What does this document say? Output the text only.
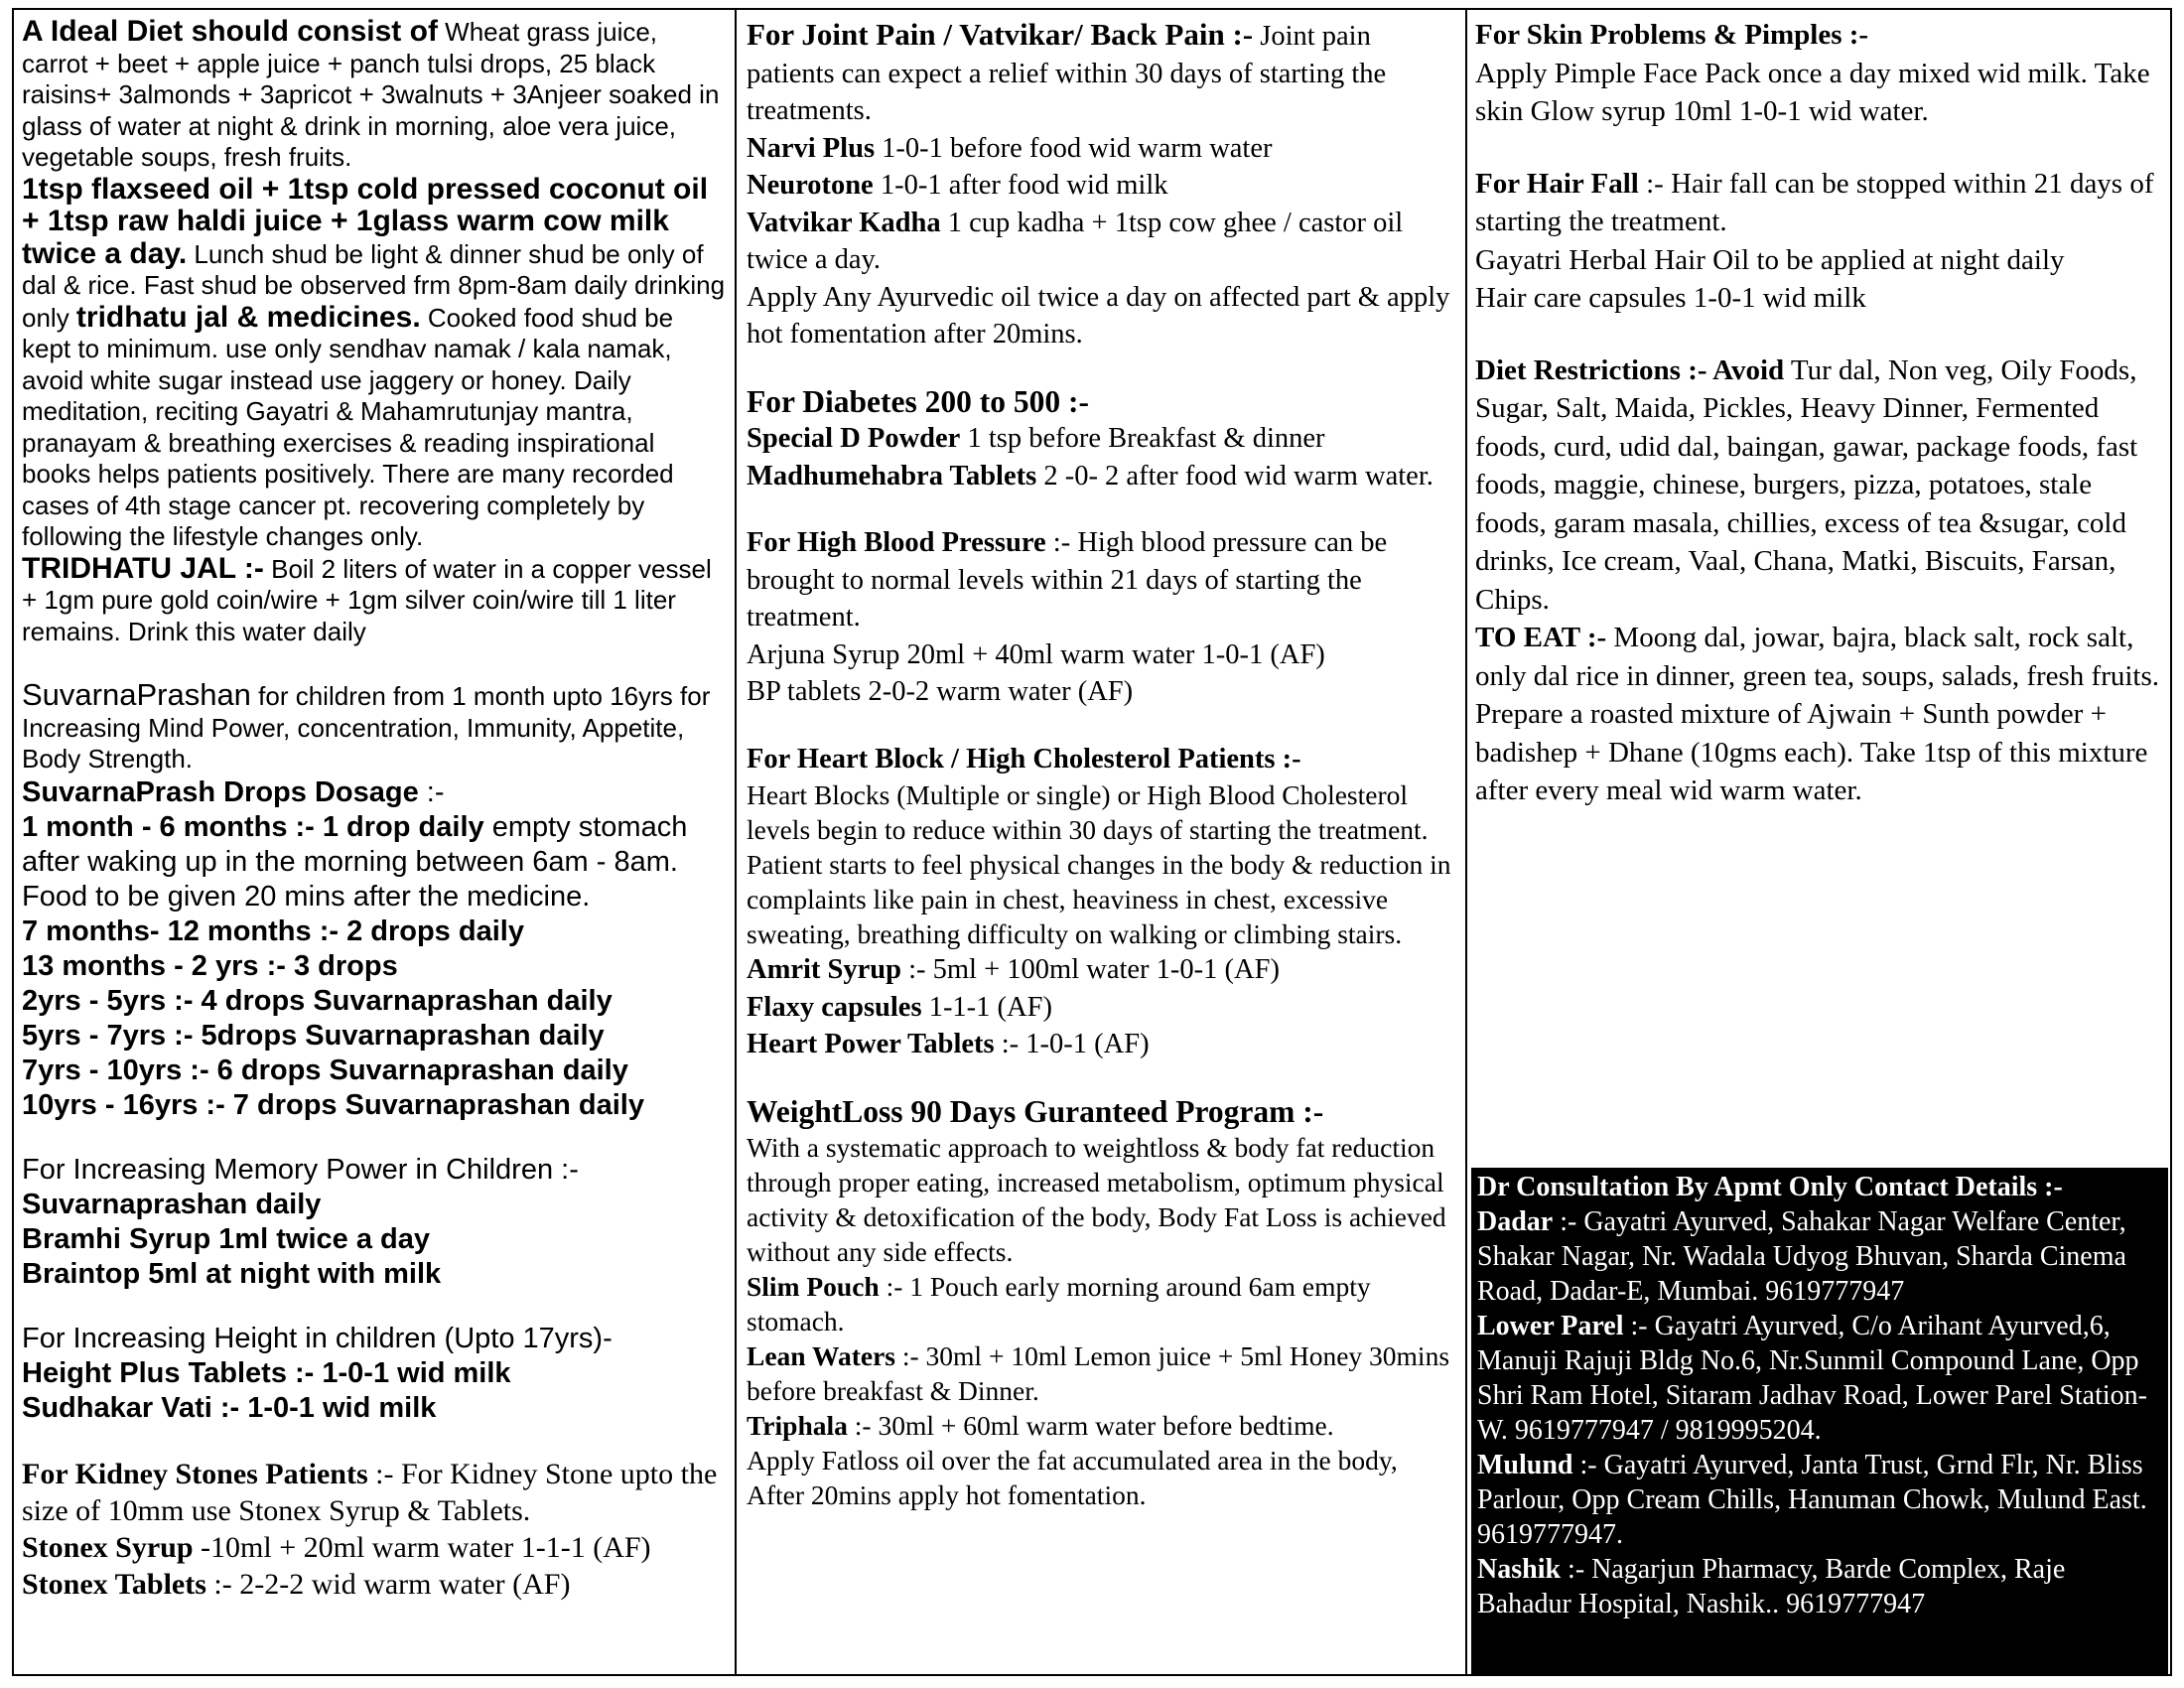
A Ideal Diet should consist of Wheat grass juice, carrot + beet + apple juice + panch tulsi drops, 25 black raisins+ 3almonds + 3apricot + 3walnuts + 3Anjeer soaked in glass of water at night & drink in morning, aloe vera juice, vegetable soups, fresh fruits.

1tsp flaxseed oil + 1tsp cold pressed coconut oil + 1tsp raw haldi juice + 1glass warm cow milk twice a day. Lunch shud be light & dinner shud be only of dal & rice. Fast shud be observed frm 8pm-8am daily drinking only tridhatu jal & medicines. Cooked food shud be kept to minimum. use only sendhav namak / kala namak, avoid white sugar instead use jaggery or honey. Daily meditation, reciting Gayatri & Mahamrutunjay mantra, pranayam & breathing exercises & reading inspirational books helps patients positively. There are many recorded cases of 4th stage cancer pt. recovering completely by following the lifestyle changes only.

TRIDHATU JAL :- Boil 2 liters of water in a copper vessel + 1gm pure gold coin/wire + 1gm silver coin/wire till 1 liter remains. Drink this water daily

SuvarnaPrashan for children from 1 month upto 16yrs for Increasing Mind Power, concentration, Immunity, Appetite, Body Strength.

SuvarnaPrash Drops Dosage :-

1 month - 6 months :- 1 drop daily empty stomach after waking up in the morning between 6am - 8am. Food to be given 20 mins after the medicine.

7 months- 12 months :- 2 drops daily

13 months - 2 yrs :- 3 drops

2yrs - 5yrs :- 4 drops Suvarnaprashan daily

5yrs - 7yrs :- 5drops Suvarnaprashan daily

7yrs - 10yrs :- 6 drops Suvarnaprashan daily

10yrs - 16yrs :- 7 drops Suvarnaprashan daily

For Increasing Memory Power in Children :-

Suvarnaprashan daily

Bramhi Syrup 1ml twice a day

Braintop 5ml at night with milk

For Increasing Height in children (Upto 17yrs)-

Height Plus Tablets :- 1-0-1 wid milk

Sudhakar Vati :- 1-0-1 wid milk

For Kidney Stones Patients :- For Kidney Stone upto the size of 10mm use Stonex Syrup & Tablets.

Stonex Syrup -10ml + 20ml warm water 1-1-1 (AF)

Stonex Tablets :- 2-2-2 wid warm water (AF)

For Joint Pain / Vatvikar/ Back Pain :- Joint pain patients can expect a relief within 30 days of starting the treatments.

Narvi Plus 1-0-1 before food wid warm water

Neurotone 1-0-1 after food wid milk

Vatvikar Kadha 1 cup kadha + 1tsp cow ghee / castor oil twice a day.

Apply Any Ayurvedic oil twice a day on affected part & apply hot fomentation after 20mins.

For Diabetes 200 to 500 :-

Special D Powder 1 tsp before Breakfast & dinner

Madhumehabra Tablets 2 -0- 2 after food wid warm water.

For High Blood Pressure :- High blood pressure can be brought to normal levels within 21 days of starting the treatment.

Arjuna Syrup 20ml + 40ml warm water 1-0-1 (AF)

BP tablets 2-0-2 warm water (AF)

For Heart Block / High Cholesterol Patients :-

Heart Blocks (Multiple or single) or High Blood Cholesterol levels begin to reduce within 30 days of starting the treatment. Patient starts to feel physical changes in the body & reduction in complaints like pain in chest, heaviness in chest, excessive sweating, breathing difficulty on walking or climbing stairs.

Amrit Syrup :- 5ml + 100ml water 1-0-1 (AF)

Flaxy capsules 1-1-1 (AF)

Heart Power Tablets :- 1-0-1 (AF)

WeightLoss 90 Days Guranteed Program :-

With a systematic approach to weightloss & body fat reduction through proper eating, increased metabolism, optimum physical activity & detoxification of the body, Body Fat Loss is achieved without any side effects.

Slim Pouch :- 1 Pouch early morning around 6am empty stomach.

Lean Waters :- 30ml + 10ml Lemon juice + 5ml Honey 30mins before breakfast & Dinner.

Triphala :- 30ml + 60ml warm water before bedtime.

Apply Fatloss oil over the fat accumulated area in the body, After 20mins apply hot fomentation.

For Skin Problems & Pimples :-

Apply Pimple Face Pack once a day mixed wid milk. Take skin Glow syrup 10ml 1-0-1 wid water.

For Hair Fall :- Hair fall can be stopped within 21 days of starting the treatment.

Gayatri Herbal Hair Oil to be applied at night daily

Hair care capsules 1-0-1 wid milk

Diet Restrictions :- Avoid Tur dal, Non veg, Oily Foods, Sugar, Salt, Maida, Pickles, Heavy Dinner, Fermented foods, curd, udid dal, baingan, gawar, package foods, fast foods, maggie, chinese, burgers, pizza, potatoes, stale foods, garam masala, chillies, excess of tea &sugar, cold drinks, Ice cream, Vaal, Chana, Matki, Biscuits, Farsan, Chips.

TO EAT :- Moong dal, jowar, bajra, black salt, rock salt, only dal rice in dinner, green tea, soups, salads, fresh fruits.

Prepare a roasted mixture of Ajwain + Sunth powder + badishep + Dhane (10gms each). Take 1tsp of this mixture after every meal wid warm water.

Dr Consultation By Apmt Only Contact Details :-

Dadar :- Gayatri Ayurved, Sahakar Nagar Welfare Center, Shakar Nagar, Nr. Wadala Udyog Bhuvan, Sharda Cinema Road, Dadar-E, Mumbai. 9619777947

Lower Parel :- Gayatri Ayurved, C/o Arihant Ayurved,6, Manuji Rajuji Bldg No.6, Nr.Sunmil Compound Lane, Opp Shri Ram Hotel, Sitaram Jadhav Road, Lower Parel Station-W. 9619777947 / 9819995204.

Mulund :- Gayatri Ayurved, Janta Trust, Grnd Flr, Nr. Bliss Parlour, Opp Cream Chills, Hanuman Chowk, Mulund East. 9619777947.

Nashik :- Nagarjun Pharmacy, Barde Complex, Raje Bahadur Hospital, Nashik.. 9619777947
